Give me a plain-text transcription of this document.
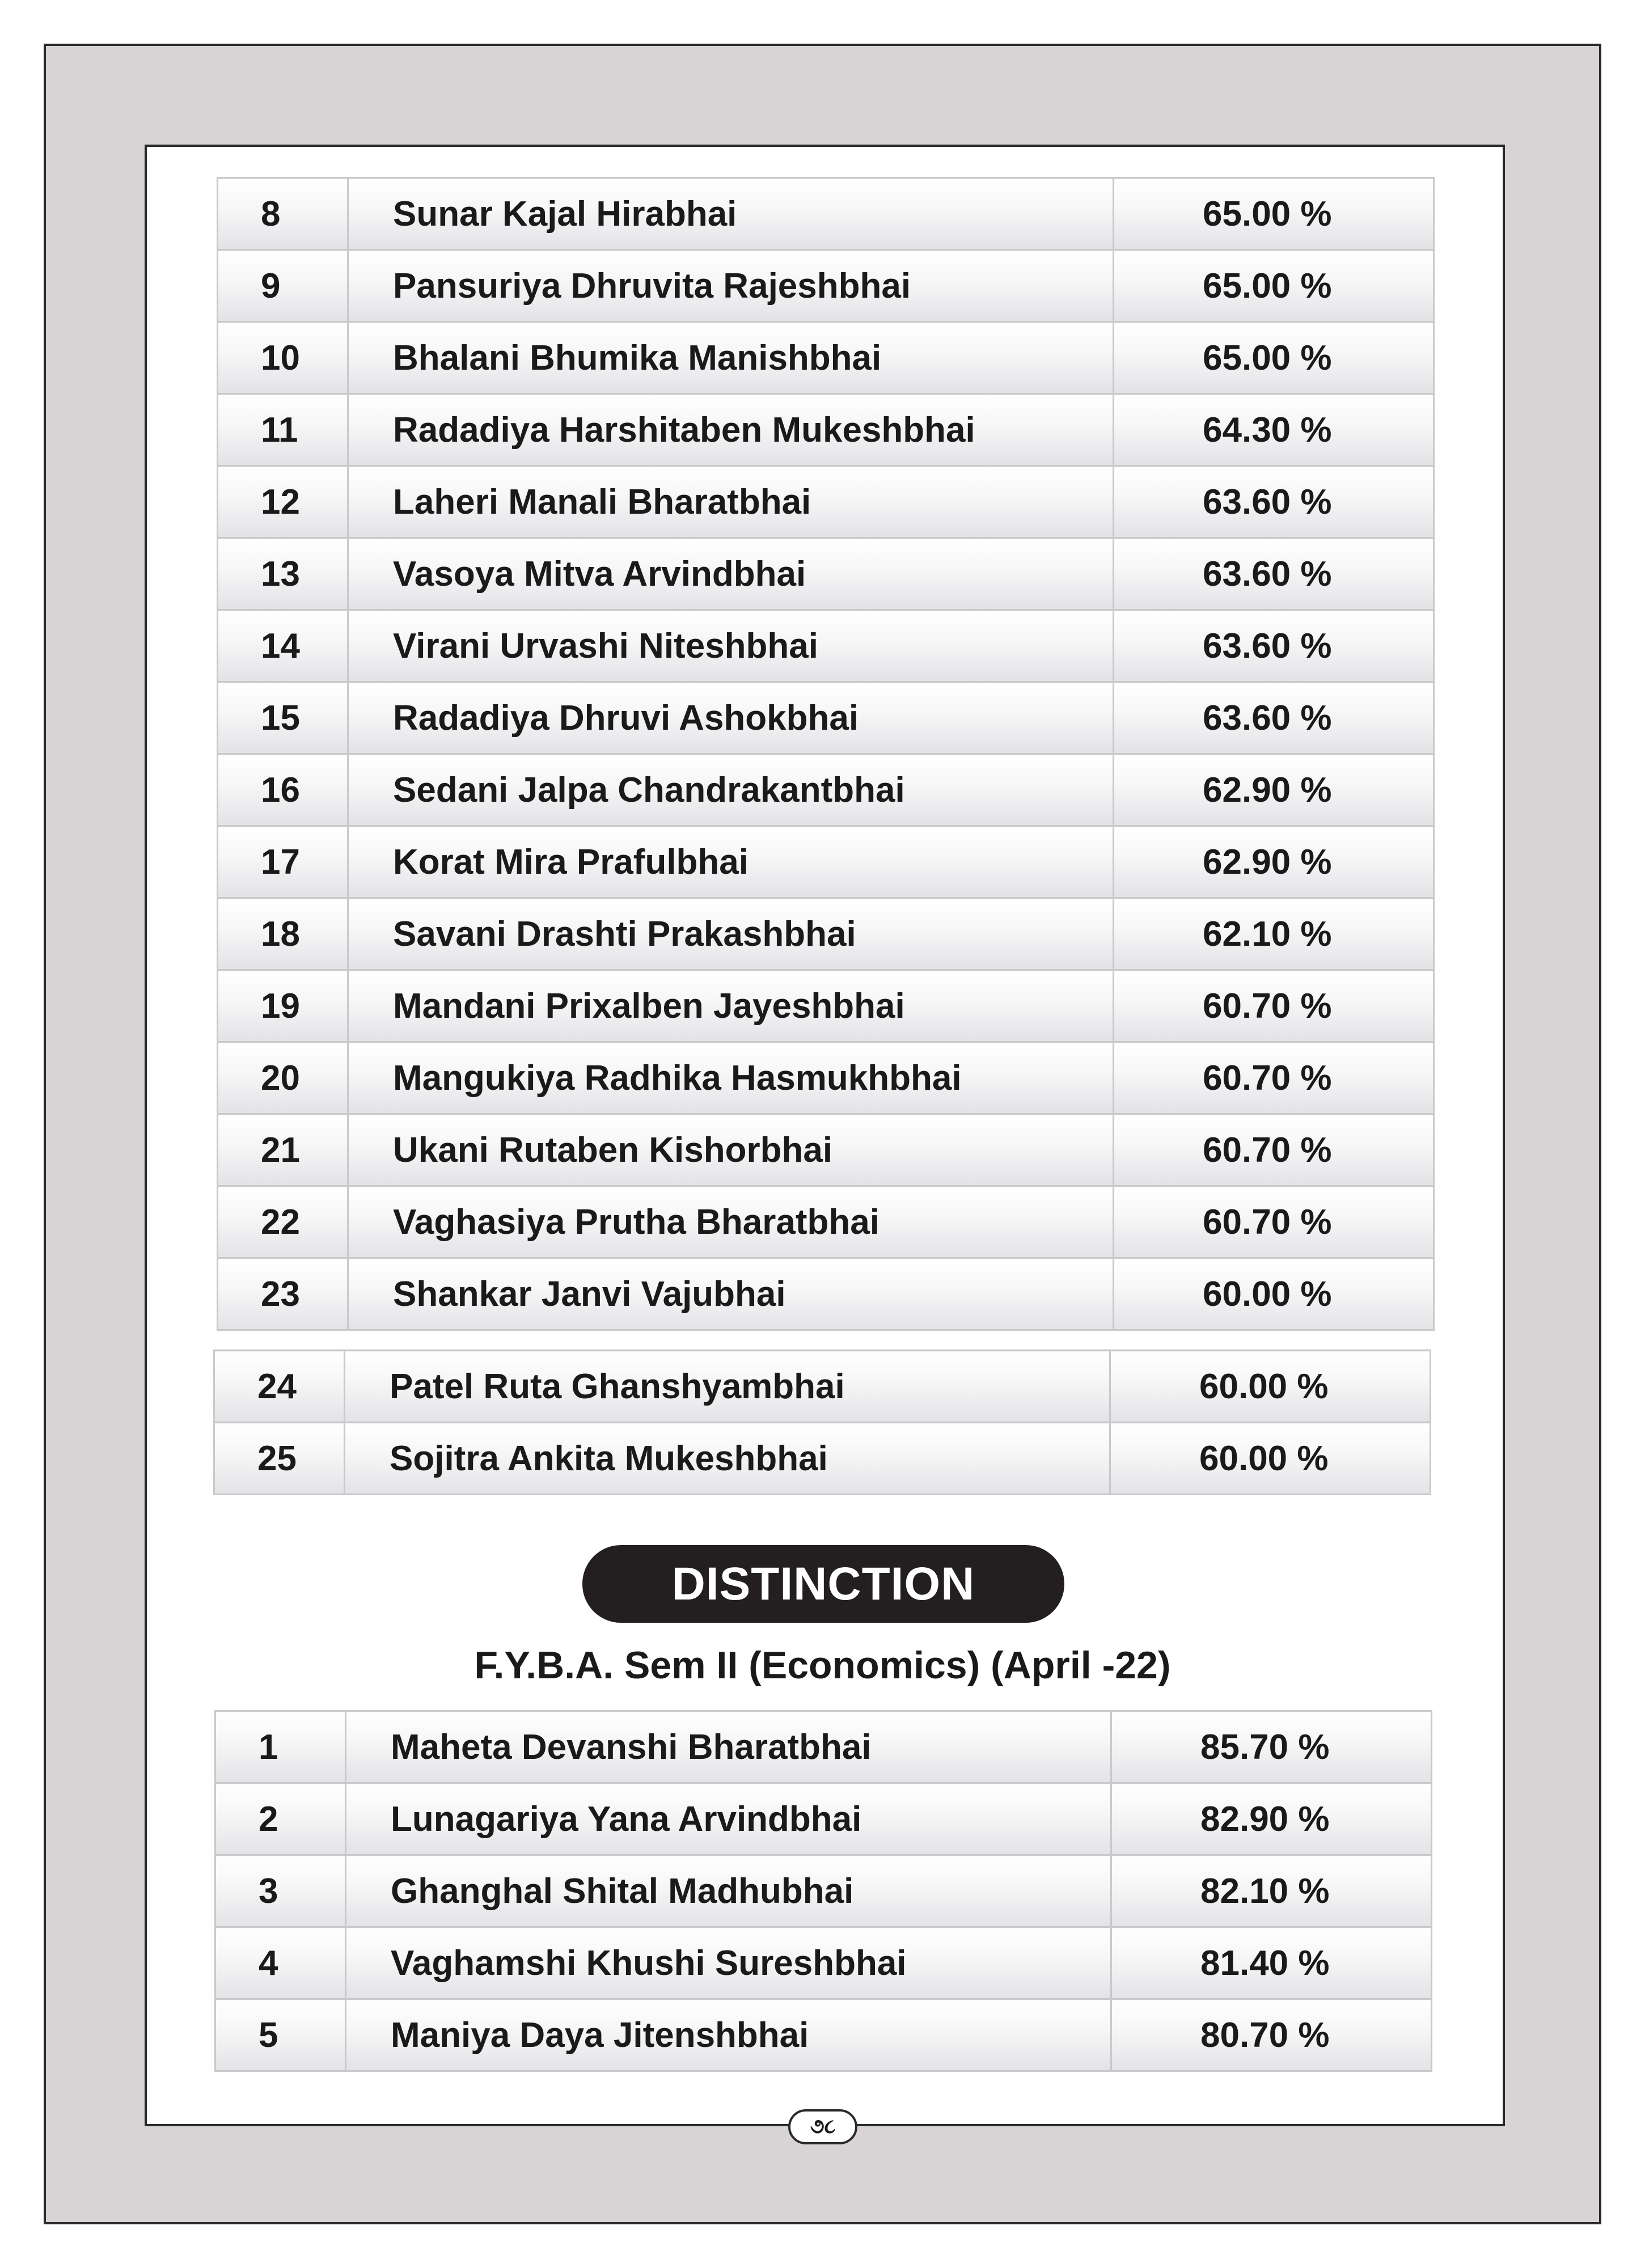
8	Sunar Kajal Hirabhai	65.00 %
9	Pansuriya Dhruvita Rajeshbhai	65.00 %
10	Bhalani Bhumika Manishbhai	65.00 %
11	Radadiya Harshitaben Mukeshbhai	64.30 %
12	Laheri Manali Bharatbhai	63.60 %
13	Vasoya Mitva Arvindbhai	63.60 %
14	Virani Urvashi Niteshbhai	63.60 %
15	Radadiya Dhruvi Ashokbhai	63.60 %
16	Sedani Jalpa Chandrakantbhai	62.90 %
17	Korat Mira Prafulbhai	62.90 %
18	Savani Drashti Prakashbhai	62.10 %
19	Mandani Prixalben Jayeshbhai	60.70 %
20	Mangukiya Radhika Hasmukhbhai	60.70 %
21	Ukani Rutaben Kishorbhai	60.70 %
22	Vaghasiya Prutha Bharatbhai	60.70 %
23	Shankar Janvi Vajubhai	60.00 %
24	Patel Ruta Ghanshyambhai	60.00 %
25	Sojitra Ankita Mukeshbhai	60.00 %
DISTINCTION
F.Y.B.A. Sem II (Economics) (April -22)
1	Maheta Devanshi Bharatbhai	85.70 %
2	Lunagariya Yana Arvindbhai	82.90 %
3	Ghanghal Shital Madhubhai	82.10 %
4	Vaghamshi Khushi Sureshbhai	81.40 %
5	Maniya Daya Jitenshbhai	80.70 %
૭૮
